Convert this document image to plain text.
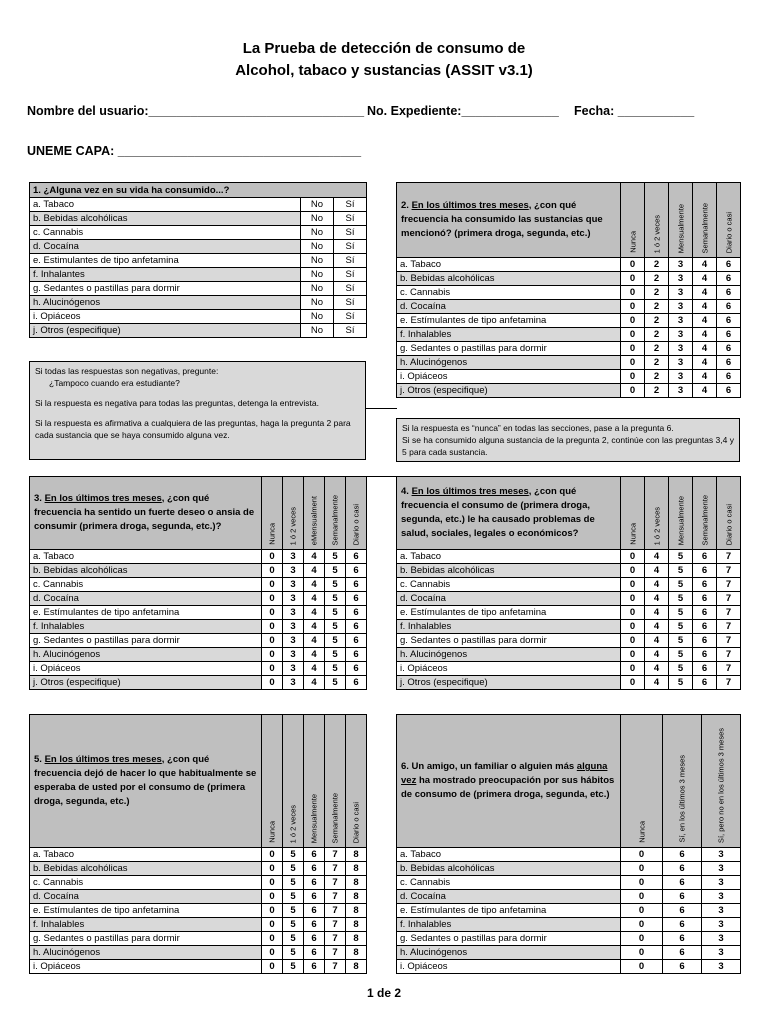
La Prueba de detección de consumo de
Alcohol, tabaco y sustancias (ASSIT v3.1)
Nombre del usuario:_______________________________ No. Expediente:______________ Fecha: ___________
UNEME CAPA: ___________________________________
1. ¿Alguna vez en su vida ha consumido...?		
a. Tabaco	No	Sí
b. Bebidas alcohólicas	No	Sí
c. Cannabis	No	Sí
d. Cocaína	No	Sí
e. Estimulantes de tipo anfetamina	No	Sí
f. Inhalantes	No	Sí
g. Sedantes o pastillas para dormir	No	Sí
h. Alucinógenos	No	Sí
i. Opiáceos	No	Sí
j. Otros (especifique)	No	Sí

Si todas las respuestas son negativas, pregunte:

¿Tampoco cuando era estudiante?

Si la respuesta es negativa para todas las preguntas, detenga la entrevista.

Si la respuesta es afirmativa a cualquiera de las preguntas, haga la pregunta 2 para cada sustancia que se haya consumido alguna vez.

2. En los últimos tres meses, ¿con qué frecuencia ha consumido las sustancias que mencionó? (primera droga, segunda, etc.)	Nunca	1 ó 2 veces	Mensualmente	Semanalmente	Diario o casi

a. Tabaco	0	2	3	4	6
b. Bebidas alcohólicas	0	2	3	4	6
c. Cannabis	0	2	3	4	6
d. Cocaína	0	2	3	4	6
e. Estímulantes de tipo anfetamina	0	2	3	4	6
f. Inhalables	0	2	3	4	6
g. Sedantes o pastillas para dormir	0	2	3	4	6
h. Alucinógenos	0	2	3	4	6
i. Opiáceos	0	2	3	4	6
j. Otros (especifique)	0	2	3	4	6

Si la respuesta es “nunca” en todas las secciones, pase a la pregunta 6.

Si se ha consumido alguna sustancia de la pregunta 2, continúe con las preguntas 3,4 y 5 para cada sustancia.

3. En los últimos tres meses, ¿con qué frecuencia ha sentido un fuerte deseo o ansia de consumir (primera droga, segunda, etc.)?	Nunca	1 ó 2 veces	eMensualment	Semanalmente	Diario o casi

a. Tabaco	0	3	4	5	6
b. Bebidas alcohólicas	0	3	4	5	6
c. Cannabis	0	3	4	5	6
d. Cocaína	0	3	4	5	6
e. Estímulantes de tipo anfetamina	0	3	4	5	6
f. Inhalables	0	3	4	5	6
g. Sedantes o pastillas para dormir	0	3	4	5	6
h. Alucinógenos	0	3	4	5	6
i. Opiáceos	0	3	4	5	6
j. Otros (especifique)	0	3	4	5	6
4. En los últimos tres meses, ¿con qué frecuencia el consumo de (primera droga, segunda, etc.) le ha causado problemas de salud, sociales, legales o económicos?	Nunca	1 ó 2 veces	Mensualmente	Semanalmente	Diario o casi

a. Tabaco	0	4	5	6	7
b. Bebidas alcohólicas	0	4	5	6	7
c. Cannabis	0	4	5	6	7
d. Cocaína	0	4	5	6	7
e. Estímulantes de tipo anfetamina	0	4	5	6	7
f. Inhalables	0	4	5	6	7
g. Sedantes o pastillas para dormir	0	4	5	6	7
h. Alucinógenos	0	4	5	6	7
i. Opiáceos	0	4	5	6	7
j. Otros (especifique)	0	4	5	6	7
5. En los últimos tres meses, ¿con qué frecuencia dejó de hacer lo que habitualmente se esperaba de usted por el consumo de (primera droga, segunda, etc.)	Nunca	1 ó 2 veces	Mensualmente	Semanalmente	Diario o casi

a. Tabaco	0	5	6	7	8
b. Bebidas alcohólicas	0	5	6	7	8
c. Cannabis	0	5	6	7	8
d. Cocaína	0	5	6	7	8
e. Estímulantes de tipo anfetamina	0	5	6	7	8
f. Inhalables	0	5	6	7	8
g. Sedantes o pastillas para dormir	0	5	6	7	8
h. Alucinógenos	0	5	6	7	8
i. Opiáceos	0	5	6	7	8
6. Un amigo, un familiar o alguien más alguna vez ha mostrado preocupación por sus hábitos de consumo de (primera droga, segunda, etc.)	Nunca	Sí, en los últimos 3 meses	Sí, pero no en los últimos 3 meses

a. Tabaco	0	6	3
b. Bebidas alcohólicas	0	6	3
c. Cannabis	0	6	3
d. Cocaína	0	6	3
e. Estímulantes de tipo anfetamina	0	6	3
f. Inhalables	0	6	3
g. Sedantes o pastillas para dormir	0	6	3
h. Alucinógenos	0	6	3
i. Opiáceos	0	6	3
1 de 2
